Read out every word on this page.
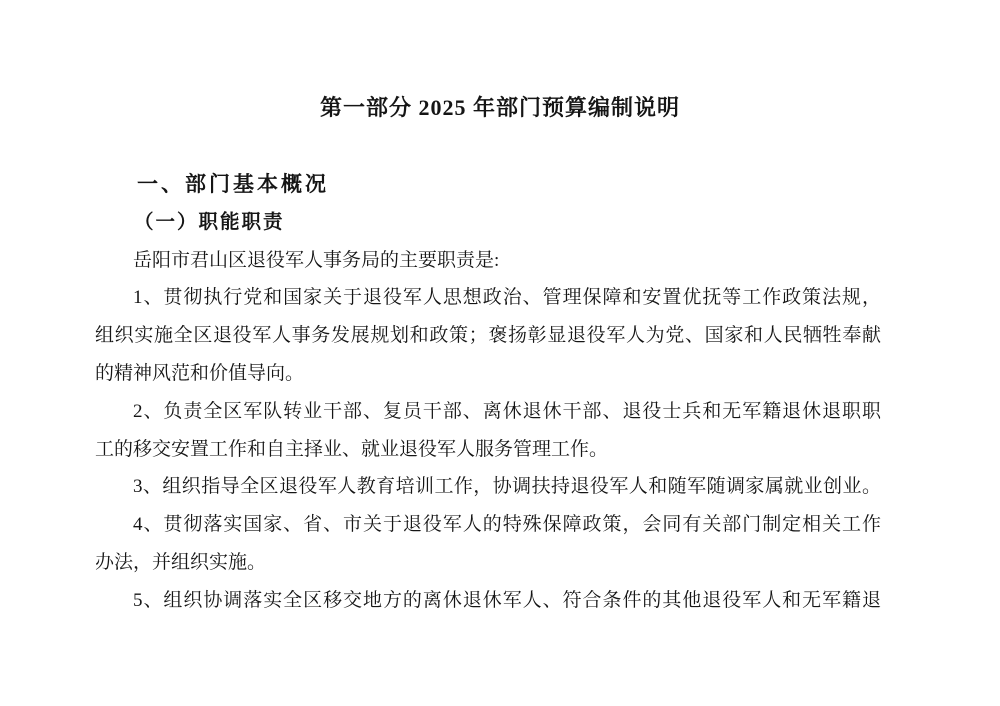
第一部分 2025 年部门预算编制说明
一、部门基本概况
（一）职能职责
岳阳市君山区退役军人事务局的主要职责是:
1、贯彻执行党和国家关于退役军人思想政治、管理保障和安置优抚等工作政策法规，
组织实施全区退役军人事务发展规划和政策；褒扬彰显退役军人为党、国家和人民牺牲奉献
的精神风范和价值导向。
2、负责全区军队转业干部、复员干部、离休退休干部、退役士兵和无军籍退休退职职
工的移交安置工作和自主择业、就业退役军人服务管理工作。
3、组织指导全区退役军人教育培训工作，协调扶持退役军人和随军随调家属就业创业。
4、贯彻落实国家、省、市关于退役军人的特殊保障政策，会同有关部门制定相关工作
办法，并组织实施。
5、组织协调落实全区移交地方的离休退休军人、符合条件的其他退役军人和无军籍退
